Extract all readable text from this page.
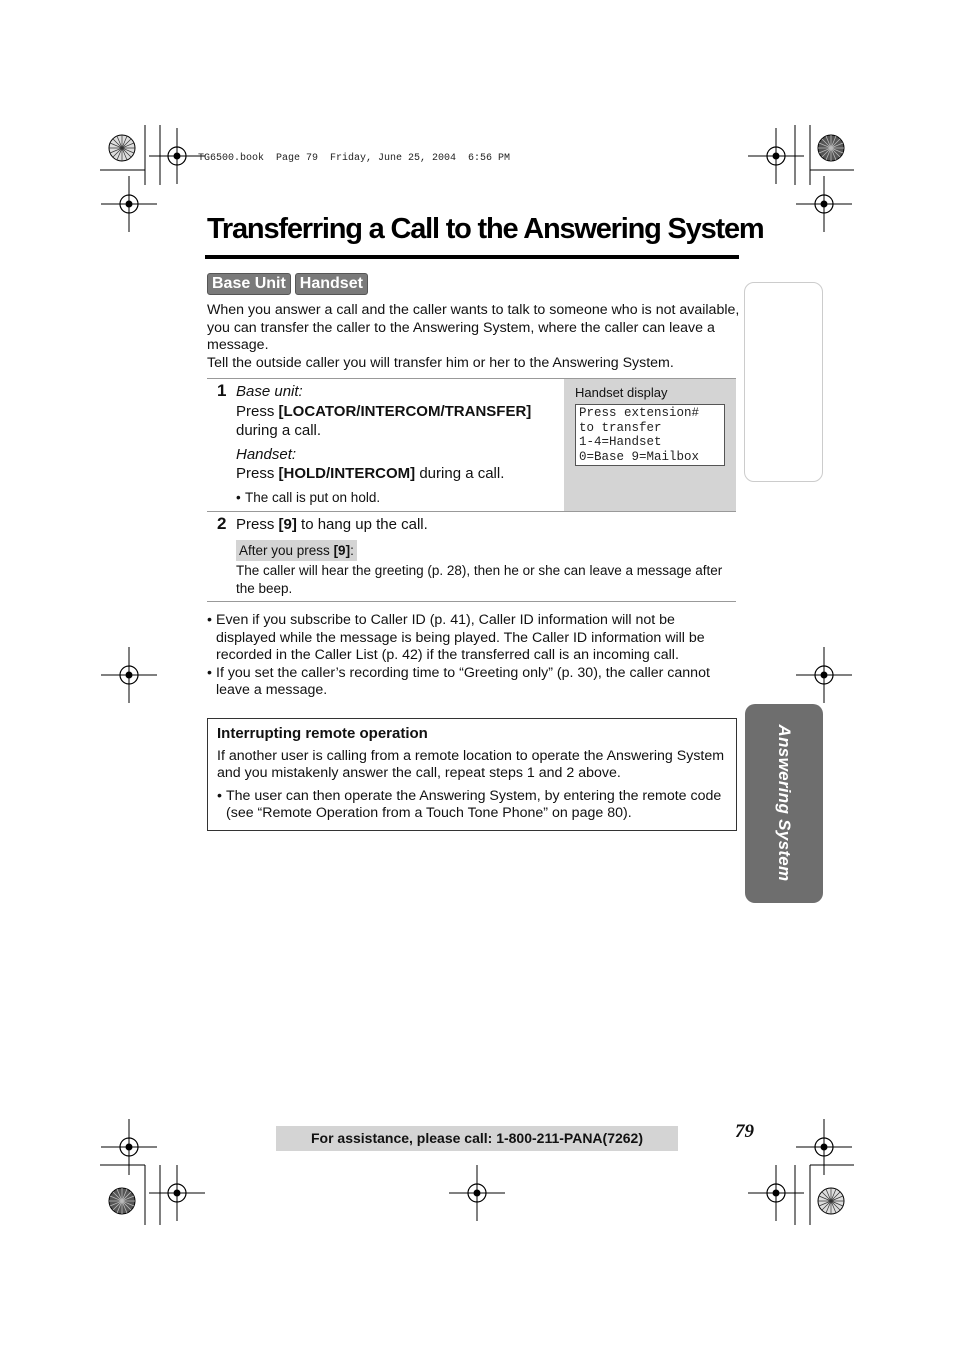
TG6500.book  Page 79  Friday, June 25, 2004  6:56 PM
Transferring a Call to the Answering System
Base Unit Handset

When you answer a call and the caller wants to talk to someone who is not available, you can transfer the caller to the Answering System, where the caller can leave a message.

Tell the outside caller you will transfer him or her to the Answering System.

1 Base unit:
Press [LOCATOR/INTERCOM/TRANSFER]
during a call.
Handset:
Press [HOLD/INTERCOM] during a call.
• The call is put on hold.
Handset display
Press extension#
to transfer
1-4=Handset
0=Base 9=Mailbox
2 Press [9] to hang up the call.
After you press [9]:
The caller will hear the greeting (p. 28), then he or she can leave a message after the beep.
• Even if you subscribe to Caller ID (p. 41), Caller ID information will not be displayed while the message is being played. The Caller ID information will be recorded in the Caller List (p. 42) if the transferred call is an incoming call.
• If you set the caller’s recording time to “Greeting only” (p. 30), the caller cannot leave a message.
Interrupting remote operation

If another user is calling from a remote location to operate the Answering System and you mistakenly answer the call, repeat steps 1 and 2 above.

• The user can then operate the Answering System, by entering the remote code (see “Remote Operation from a Touch Tone Phone” on page 80).	Answering System
For assistance, please call: 1-800-211-PANA(7262)	79
